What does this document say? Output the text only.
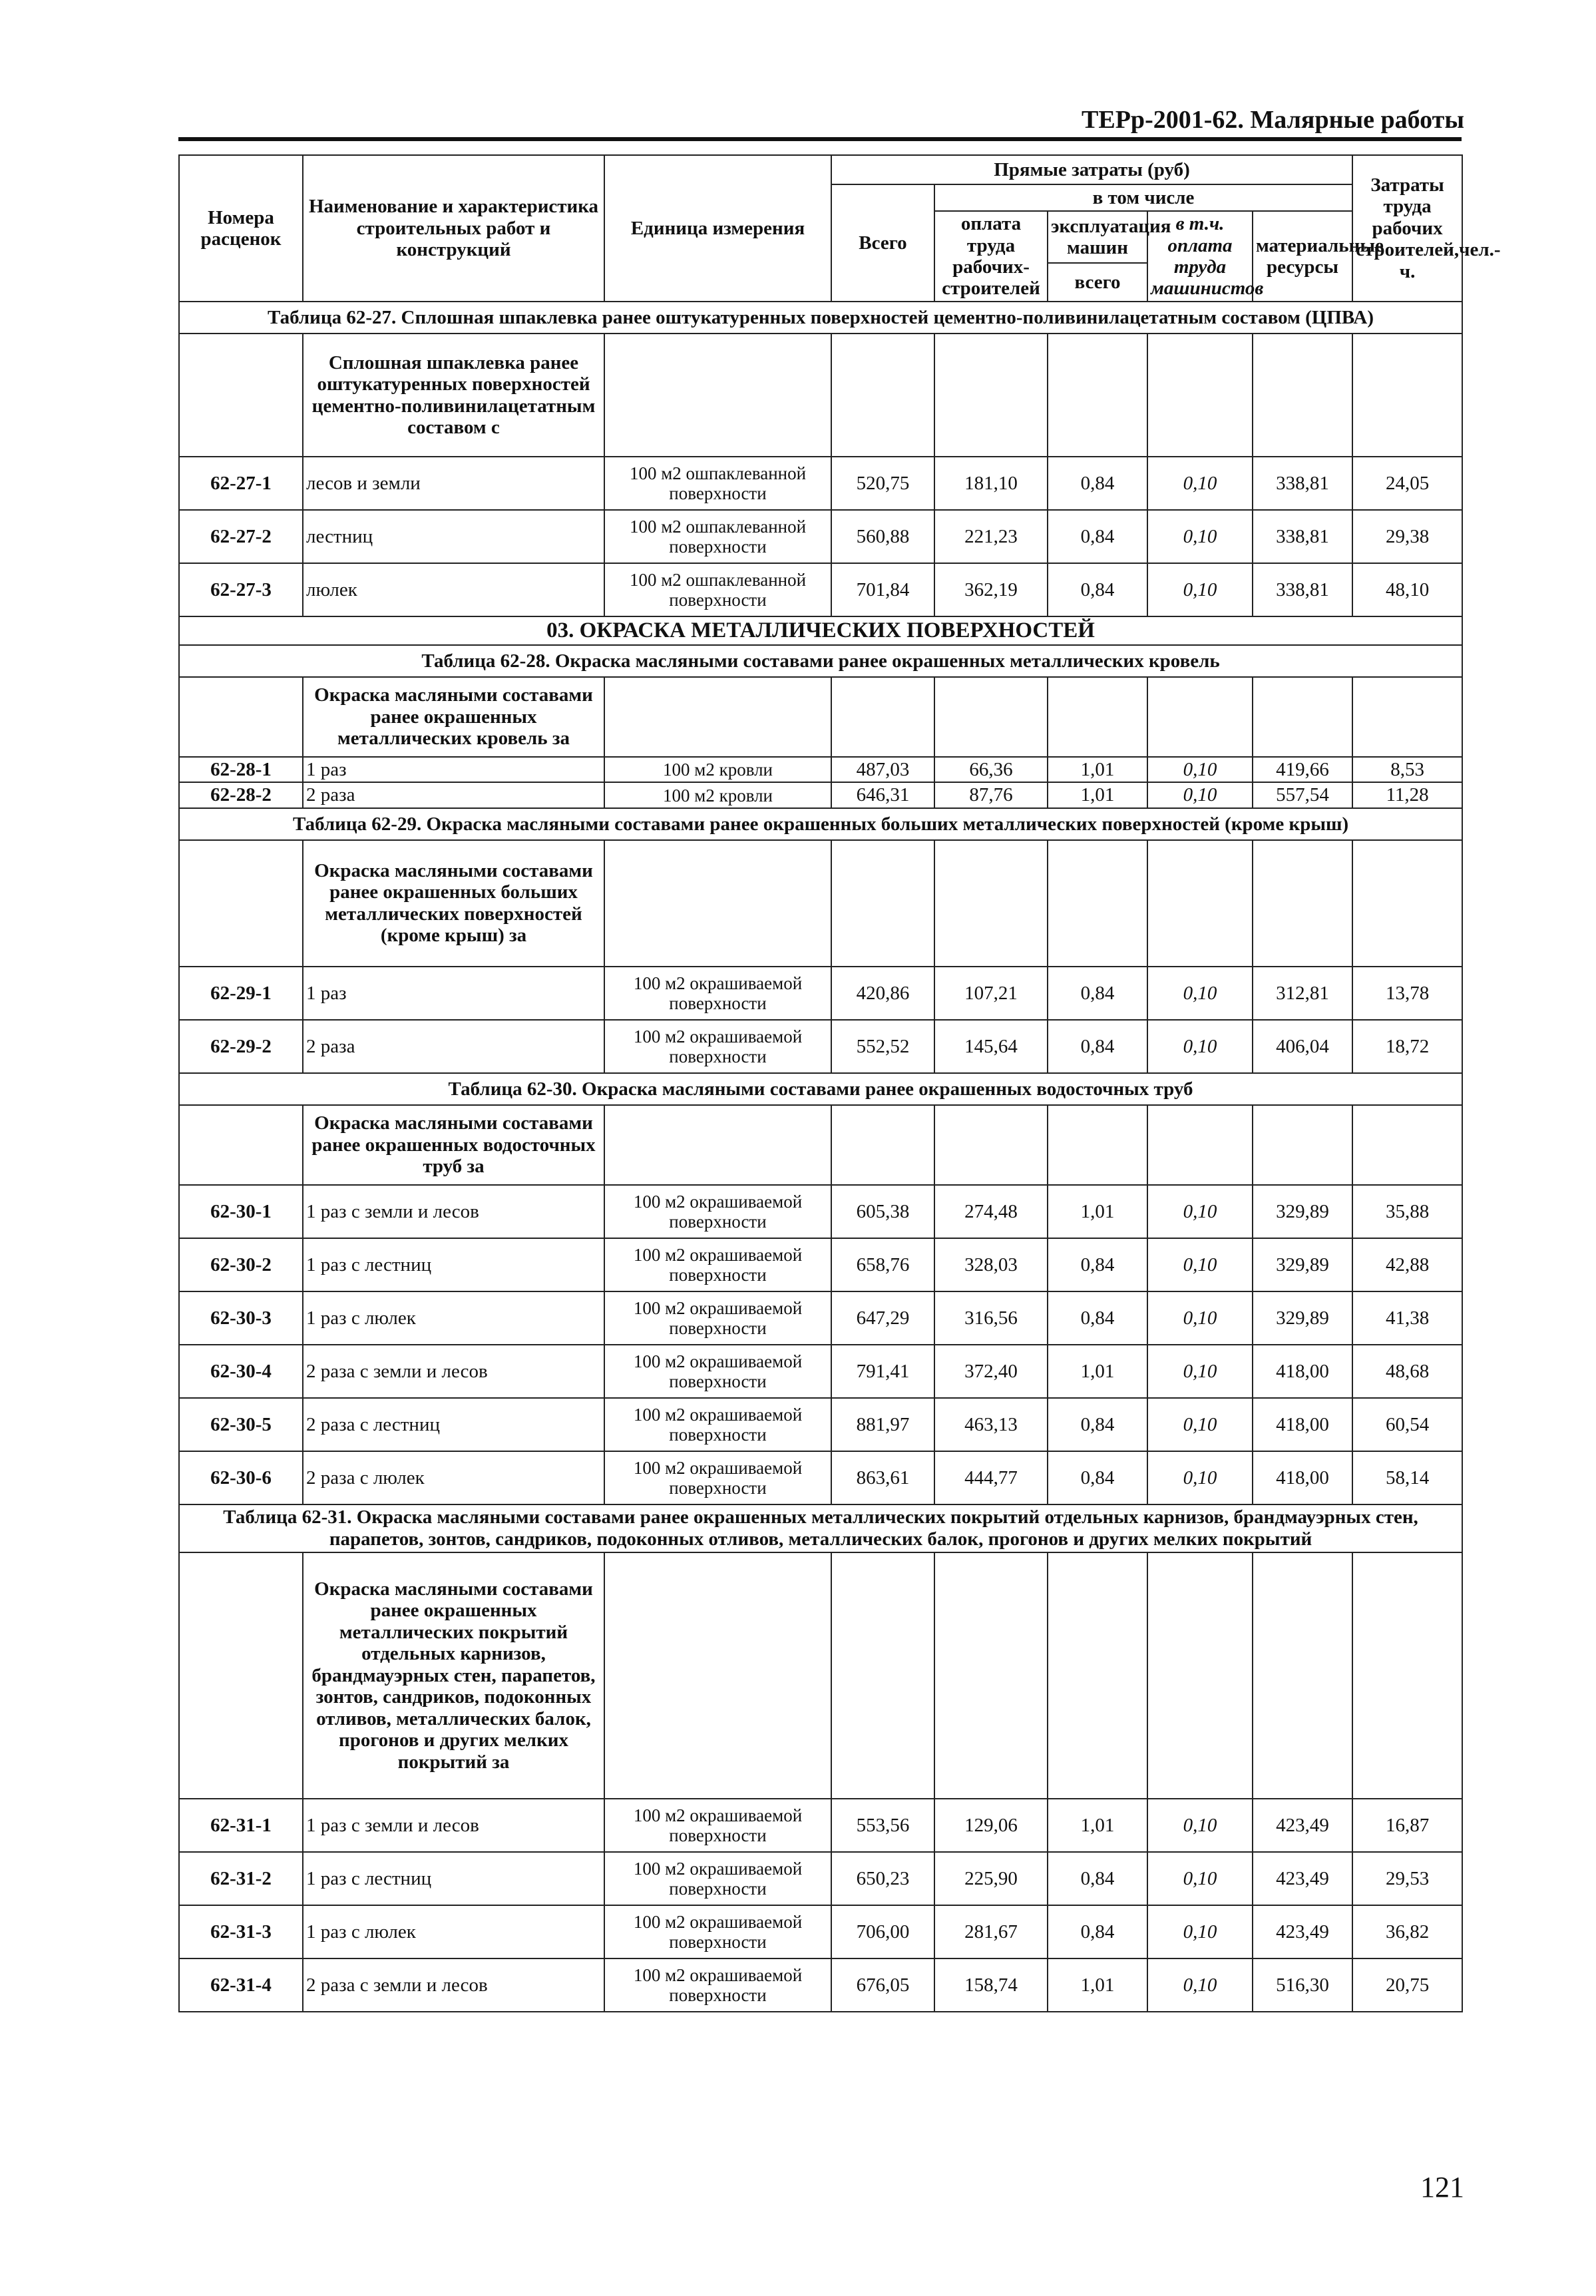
ТЕРр-2001-62. Малярные работы
Номера расценок	Наименование и характеристика строительных работ и конструкций	Единица измерения	Прямые затраты (руб)					Затраты труда рабочих строителей,чел.-ч.
			Всего	в том числе				
				оплата труда рабочих-строителей	эксплуатация машин	в т.ч. оплата труда машинистов	материальные ресурсы	
					всего			
Таблица 62-27. Сплошная шпаклевка ранее оштукатуренных поверхностей цементно-поливинилацетатным составом (ЦПВА)								
	Сплошная шпаклевка ранее оштукатуренных поверхностей цементно-поливинилацетатным составом с							
62-27-1	лесов и земли	100 м2 ошпаклеванной поверхности	520,75	181,10	0,84	0,10	338,81	24,05
62-27-2	лестниц	100 м2 ошпаклеванной поверхности	560,88	221,23	0,84	0,10	338,81	29,38
62-27-3	люлек	100 м2 ошпаклеванной поверхности	701,84	362,19	0,84	0,10	338,81	48,10
03. ОКРАСКА МЕТАЛЛИЧЕСКИХ ПОВЕРХНОСТЕЙ								
Таблица 62-28. Окраска масляными составами ранее окрашенных металлических кровель								
	Окраска масляными составами ранее окрашенных металлических кровель за							
62-28-1	1 раз	100 м2 кровли	487,03	66,36	1,01	0,10	419,66	8,53
62-28-2	2 раза	100 м2 кровли	646,31	87,76	1,01	0,10	557,54	11,28
Таблица 62-29. Окраска масляными составами ранее окрашенных больших металлических поверхностей (кроме крыш)								
	Окраска масляными составами ранее окрашенных больших металлических поверхностей (кроме крыш) за							
62-29-1	1 раз	100 м2 окрашиваемой поверхности	420,86	107,21	0,84	0,10	312,81	13,78
62-29-2	2 раза	100 м2 окрашиваемой поверхности	552,52	145,64	0,84	0,10	406,04	18,72
Таблица 62-30. Окраска масляными составами ранее окрашенных водосточных труб								
	Окраска масляными составами ранее окрашенных водосточных труб за							
62-30-1	1 раз с земли и лесов	100 м2 окрашиваемой поверхности	605,38	274,48	1,01	0,10	329,89	35,88
62-30-2	1 раз с лестниц	100 м2 окрашиваемой поверхности	658,76	328,03	0,84	0,10	329,89	42,88
62-30-3	1 раз с люлек	100 м2 окрашиваемой поверхности	647,29	316,56	0,84	0,10	329,89	41,38
62-30-4	2 раза с земли и лесов	100 м2 окрашиваемой поверхности	791,41	372,40	1,01	0,10	418,00	48,68
62-30-5	2 раза с лестниц	100 м2 окрашиваемой поверхности	881,97	463,13	0,84	0,10	418,00	60,54
62-30-6	2 раза с люлек	100 м2 окрашиваемой поверхности	863,61	444,77	0,84	0,10	418,00	58,14
Таблица 62-31. Окраска масляными составами ранее окрашенных металлических покрытий отдельных карнизов, брандмауэрных стен, парапетов, зонтов, сандриков, подоконных отливов, металлических балок, прогонов и других мелких покрытий								
	Окраска масляными составами ранее окрашенных металлических покрытий отдельных карнизов, брандмауэрных стен, парапетов, зонтов, сандриков, подоконных отливов, металлических балок, прогонов и других мелких покрытий за							
62-31-1	1 раз с земли и лесов	100 м2 окрашиваемой поверхности	553,56	129,06	1,01	0,10	423,49	16,87
62-31-2	1 раз с лестниц	100 м2 окрашиваемой поверхности	650,23	225,90	0,84	0,10	423,49	29,53
62-31-3	1 раз с люлек	100 м2 окрашиваемой поверхности	706,00	281,67	0,84	0,10	423,49	36,82
62-31-4	2 раза с земли и лесов	100 м2 окрашиваемой поверхности	676,05	158,74	1,01	0,10	516,30	20,75
121
